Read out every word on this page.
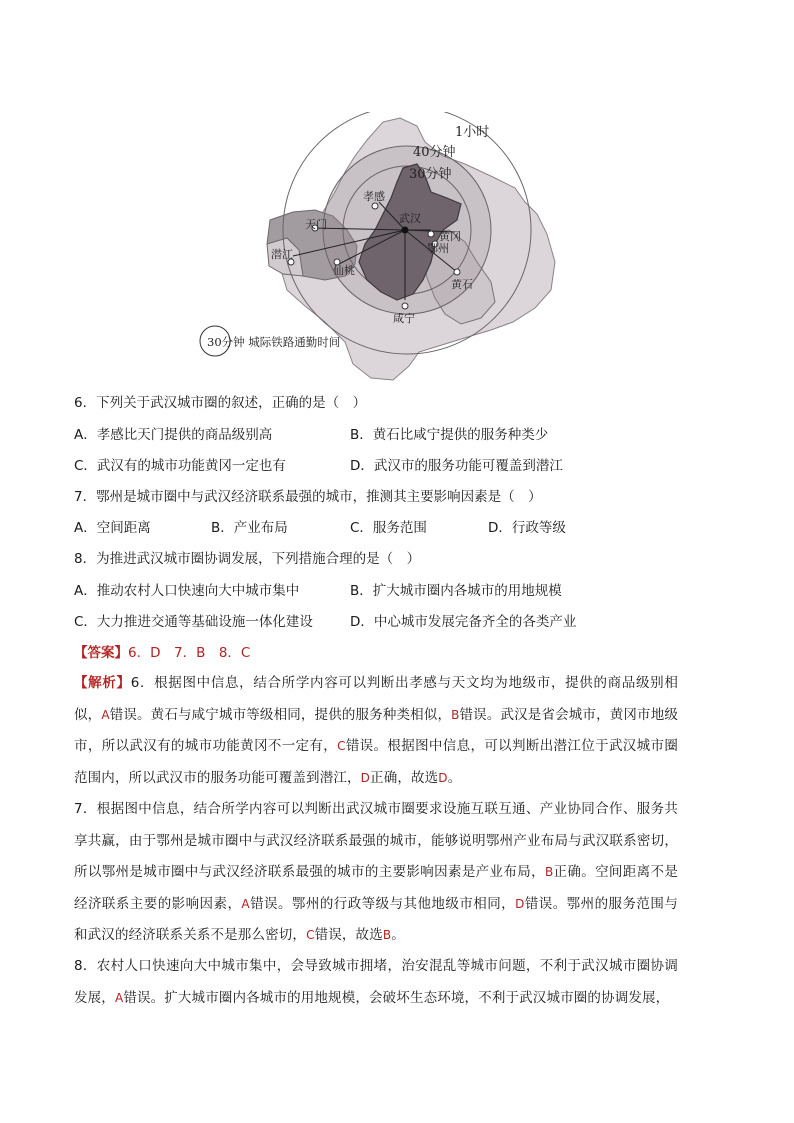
1小时
40分钟
30分钟
武汉
孝感
天门
潜江
仙桃
鄂州
黄冈
黄石
咸宁
30分钟 城际铁路通勤时间
6．下列关于武汉城市圈的叙述，正确的是（　）
A．孝感比天门提供的商品级别高	B．黄石比咸宁提供的服务种类少
C．武汉有的城市功能黄冈一定也有	D．武汉市的服务功能可覆盖到潜江
7．鄂州是城市圈中与武汉经济联系最强的城市，推测其主要影响因素是（　）
A．空间距离	B．产业布局	C．服务范围	D．行政等级
8．为推进武汉城市圈协调发展，下列措施合理的是（　）
A．推动农村人口快速向大中城市集中	B．扩大城市圈内各城市的用地规模
C．大力推进交通等基础设施一体化建设	D．中心城市发展完备齐全的各类产业
【答案】6．D　7．B　8．C
【解析】6．根据图中信息，结合所学内容可以判断出孝感与天文均为地级市，提供的商品级别相似，A错误。黄石与咸宁城市等级相同，提供的服务种类相似，B错误。武汉是省会城市，黄冈市地级市，所以武汉有的城市功能黄冈不一定有，C错误。根据图中信息，可以判断出潜江位于武汉城市圈范围内，所以武汉市的服务功能可覆盖到潜江，D正确，故选D。
7．根据图中信息，结合所学内容可以判断出武汉城市圈要求设施互联互通、产业协同合作、服务共享共赢，由于鄂州是城市圈中与武汉经济联系最强的城市，能够说明鄂州产业布局与武汉联系密切，所以鄂州是城市圈中与武汉经济联系最强的城市的主要影响因素是产业布局，B正确。空间距离不是经济联系主要的影响因素，A错误。鄂州的行政等级与其他地级市相同，D错误。鄂州的服务范围与和武汉的经济联系关系不是那么密切，C错误，故选B。
8．农村人口快速向大中城市集中，会导致城市拥堵，治安混乱等城市问题，不利于武汉城市圈协调发展，A错误。扩大城市圈内各城市的用地规模，会破坏生态环境，不利于武汉城市圈的协调发展，
